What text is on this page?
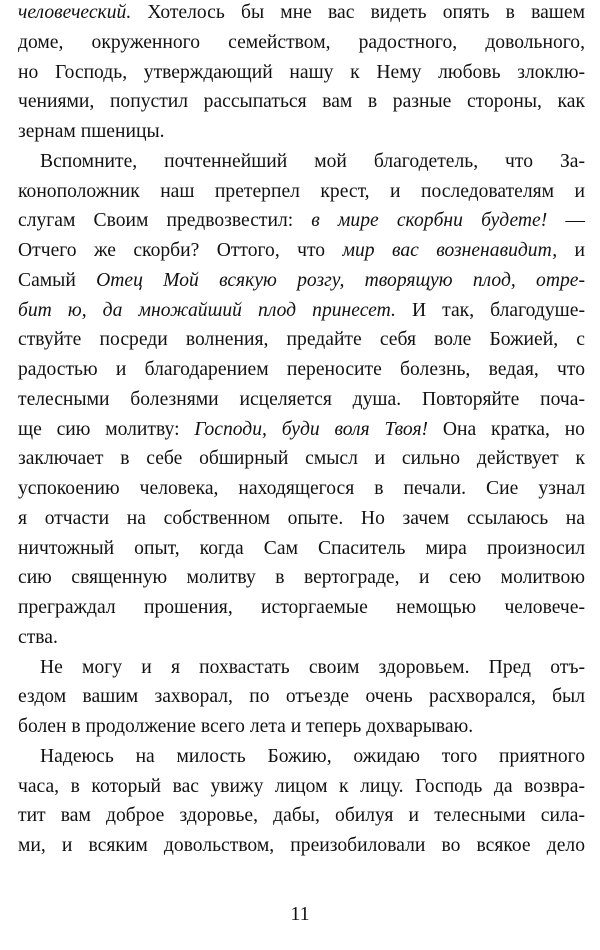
человеческий. Хотелось бы мне вас видеть опять в вашем
доме, окруженного семейством, радостного, довольного,
но Господь, утверждающий нашу к Нему любовь злоклю-
чениями, попустил рассыпаться вам в разные стороны, как
зернам пшеницы.
Вспомните, почтеннейший мой благодетель, что За-
коноположник наш претерпел крест, и последователям и
слугам Своим предвозвестил: в мире скорбни будете! —
Отчего же скорби? Оттого, что мир вас возненавидит, и
Самый Отец Мой всякую розгу, творящую плод, отре-
бит ю, да множайший плод принесет. И так, благодуше-
ствуйте посреди волнения, предайте себя воле Божией, с
радостью и благодарением переносите болезнь, ведая, что
телесными болезнями исцеляется душа. Повторяйте поча-
ще сию молитву: Господи, буди воля Твоя! Она кратка, но
заключает в себе обширный смысл и сильно действует к
успокоению человека, находящегося в печали. Сие узнал
я отчасти на собственном опыте. Но зачем ссылаюсь на
ничтожный опыт, когда Сам Спаситель мира произносил
сию священную молитву в вертограде, и сею молитвою
преграждал прошения, исторгаемые немощью человече-
ства.
Не могу и я похвастать своим здоровьем. Пред отъ-
ездом вашим захворал, по отъезде очень расхворался, был
болен в продолжение всего лета и теперь дохварываю.
Надеюсь на милость Божию, ожидаю того приятного
часа, в который вас увижу лицом к лицу. Господь да возвра-
тит вам доброе здоровье, дабы, обилуя и телесными сила-
ми, и всяким довольством, преизобиловали во всякое дело
11
